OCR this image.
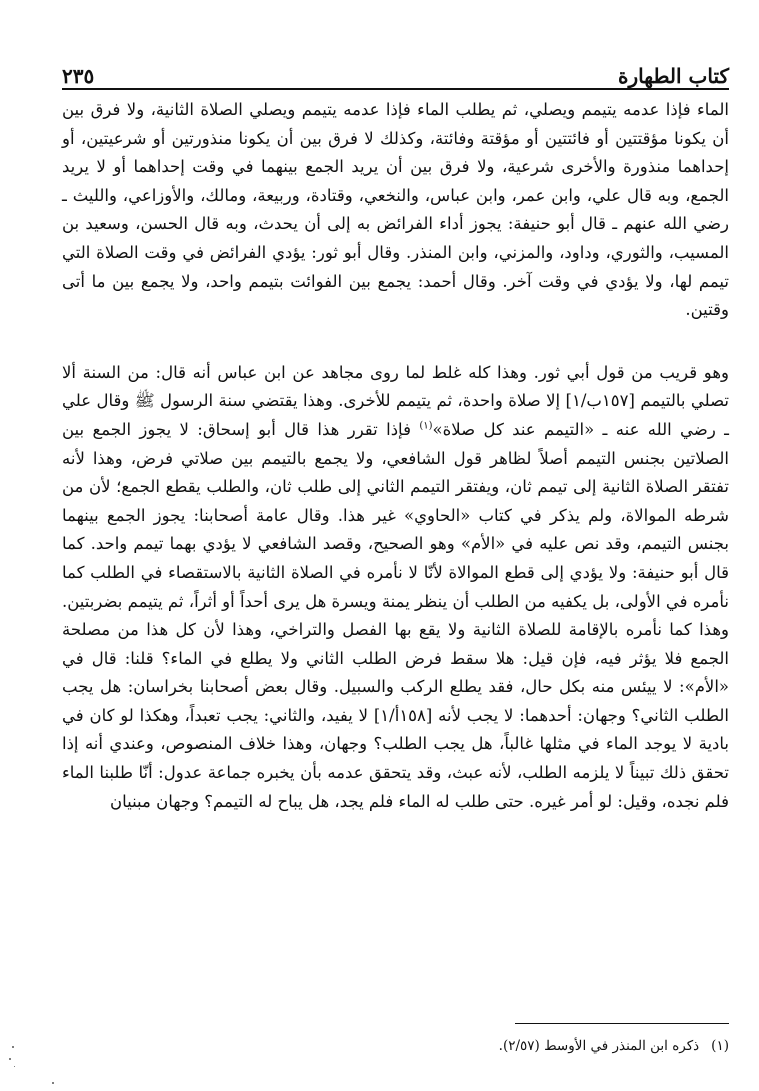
كتاب الطهارة
٢٣٥

الماء فإذا عدمه يتيمم ويصلي، ثم يطلب الماء فإذا عدمه يتيمم ويصلي الصلاة الثانية، ولا فرق بين أن يكونا مؤقتتين أو فائتتين أو مؤقتة وفائتة، وكذلك لا فرق بين أن يكونا منذورتين أو شرعيتين، أو إحداهما منذورة والأخرى شرعية، ولا فرق بين أن يريد الجمع بينهما في وقت إحداهما أو لا يريد الجمع، وبه قال علي، وابن عمر، وابن عباس، والنخعي، وقتادة، وربيعة، ومالك، والأوزاعي، والليث ـ رضي الله عنهم ـ قال أبو حنيفة: يجوز أداء الفرائض به إلى أن يحدث، وبه قال الحسن، وسعيد بن المسيب، والثوري، وداود، والمزني، وابن المنذر. وقال أبو ثور: يؤدي الفرائض في وقت الصلاة التي تيمم لها، ولا يؤدي في وقت آخر. وقال أحمد: يجمع بين الفوائت بتيمم واحد، ولا يجمع بين ما أتى وقتين.

وهو قريب من قول أبي ثور. وهذا كله غلط لما روى مجاهد عن ابن عباس أنه قال: من السنة ألا تصلي بالتيمم [١٥٧ب/١] إلا صلاة واحدة، ثم يتيمم للأخرى. وهذا يقتضي سنة الرسول ﷺ وقال علي ـ رضي الله عنه ـ «التيمم عند كل صلاة»$^{(١)}$ فإذا تقرر هذا قال أبو إسحاق: لا يجوز الجمع بين الصلاتين بجنس التيمم أصلاً لظاهر قول الشافعي، ولا يجمع بالتيمم بين صلاتي فرض، وهذا لأنه تفتقر الصلاة الثانية إلى تيمم ثان، ويفتقر التيمم الثاني إلى طلب ثان، والطلب يقطع الجمع؛ لأن من شرطه الموالاة، ولم يذكر في كتاب «الحاوي» غير هذا. وقال عامة أصحابنا: يجوز الجمع بينهما بجنس التيمم، وقد نص عليه في «الأم» وهو الصحيح، وقصد الشافعي لا يؤدي بهما تيمم واحد. كما قال أبو حنيفة: ولا يؤدي إلى قطع الموالاة لأنّا لا نأمره في الصلاة الثانية بالاستقصاء في الطلب كما نأمره في الأولى، بل يكفيه من الطلب أن ينظر يمنة ويسرة هل يرى أحداً أو أثراً، ثم يتيمم بضربتين. وهذا كما نأمره بالإقامة للصلاة الثانية ولا يقع بها الفصل والتراخي، وهذا لأن كل هذا من مصلحة الجمع فلا يؤثر فيه، فإن قيل: هلا سقط فرض الطلب الثاني ولا يطلع في الماء؟ قلنا: قال في «الأم»: لا ييئس منه بكل حال، فقد يطلع الركب والسبيل. وقال بعض أصحابنا بخراسان: هل يجب الطلب الثاني؟ وجهان: أحدهما: لا يجب لأنه [١٥٨أ/١] لا يفيد، والثاني: يجب تعبداً، وهكذا لو كان في بادية لا يوجد الماء في مثلها غالباً، هل يجب الطلب؟ وجهان، وهذا خلاف المنصوص، وعندي أنه إذا تحقق ذلك تبيناً لا يلزمه الطلب، لأنه عبث، وقد يتحقق عدمه بأن يخبره جماعة عدول: أنّا طلبنا الماء فلم نجده، وقيل: لو أمر غيره. حتى طلب له الماء فلم يجد، هل يباح له التيمم؟ وجهان مبنيان

(١)ذكره ابن المنذر في الأوسط (٢/٥٧).
